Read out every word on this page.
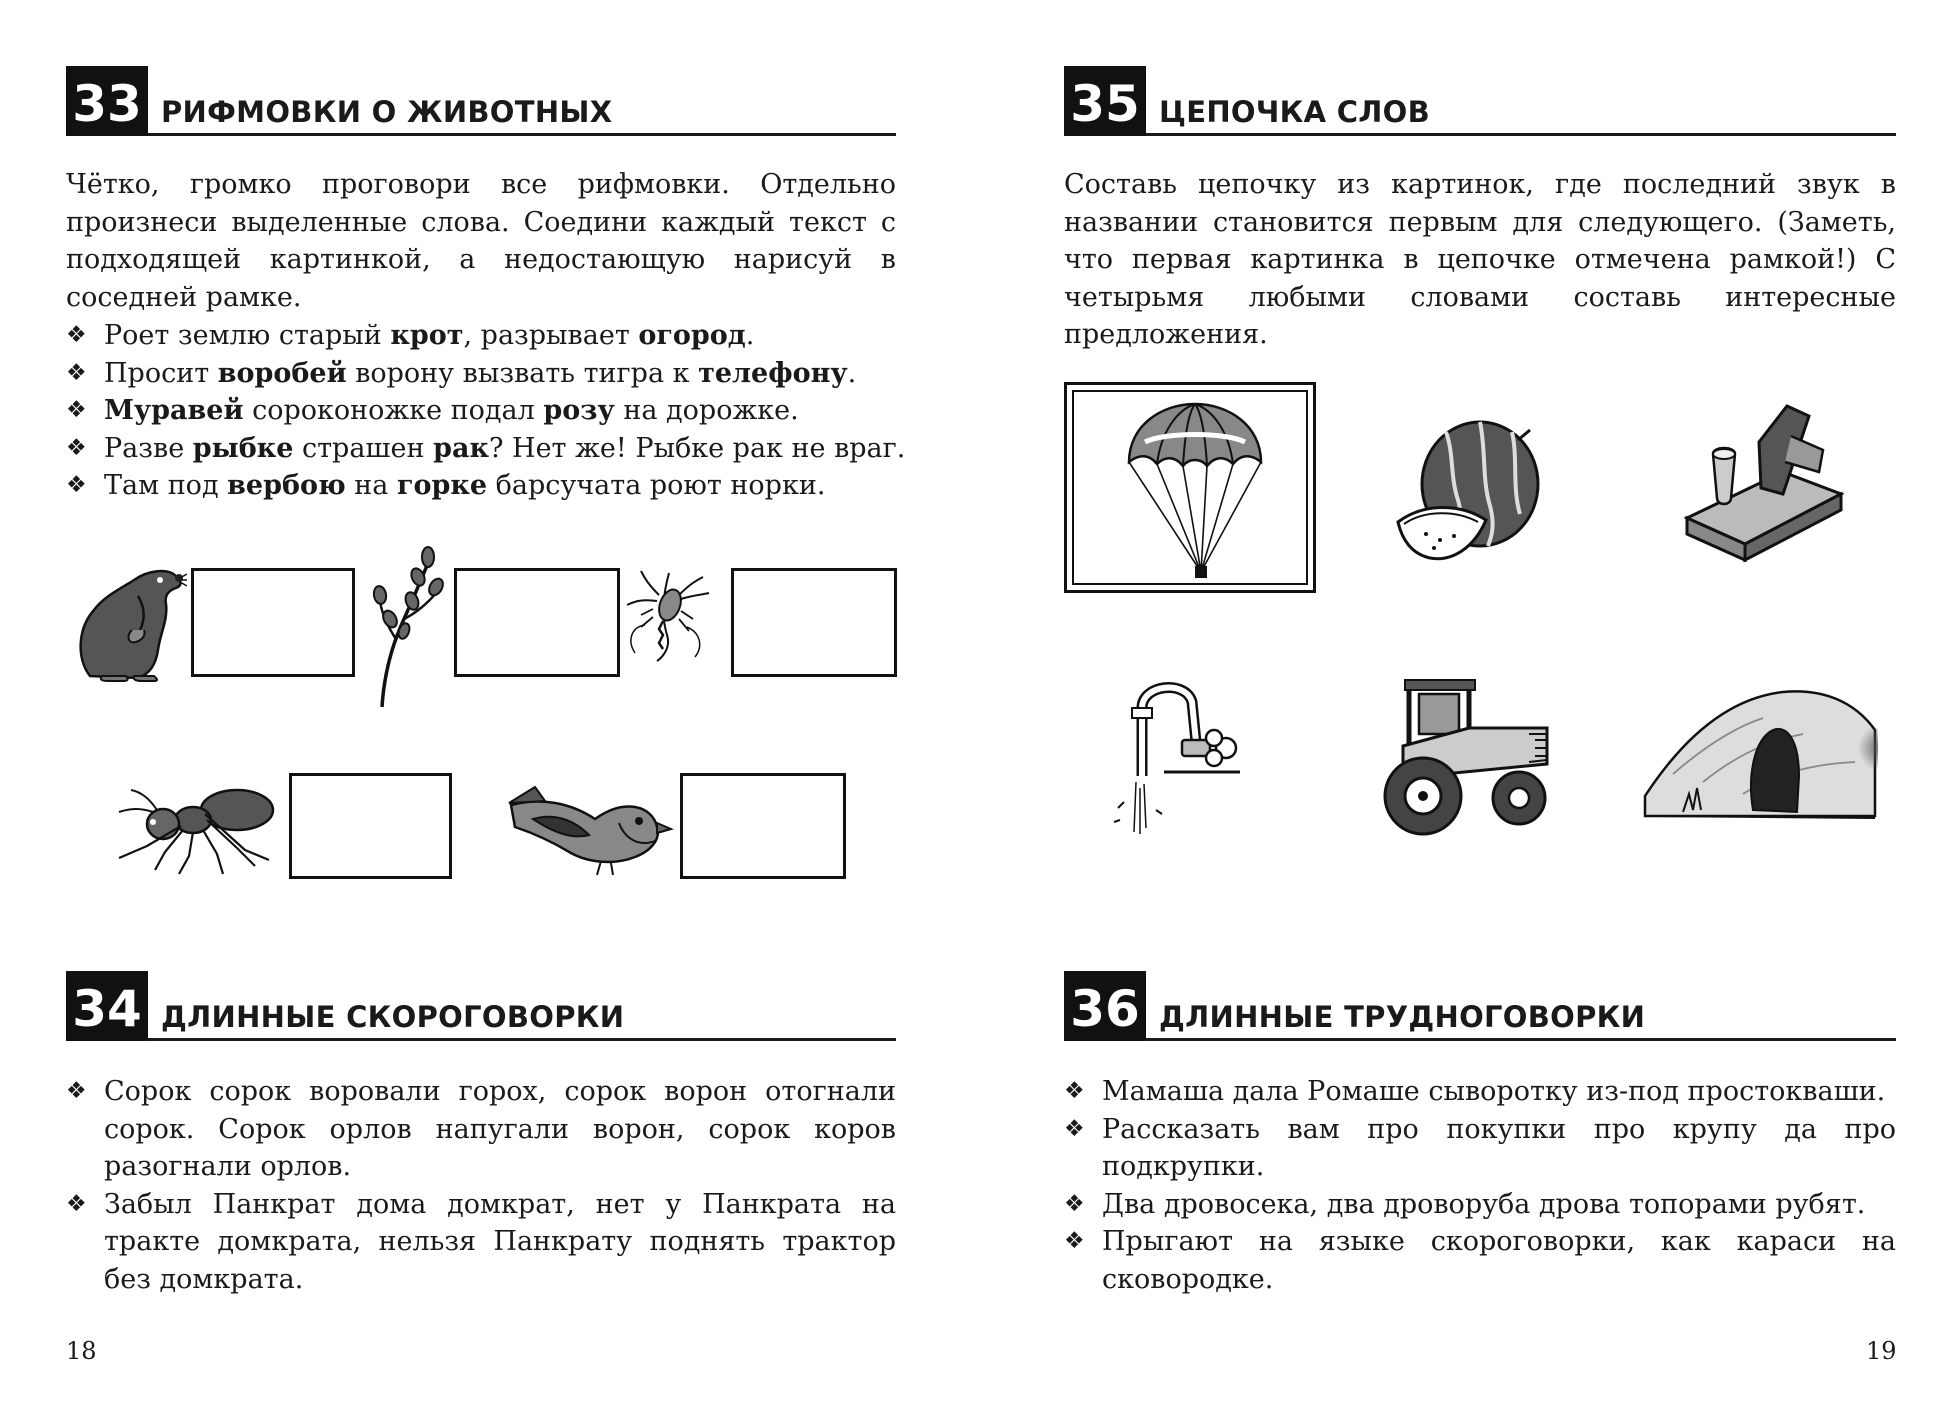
33 РИФМОВКИ О ЖИВОТНЫХ
Чётко, громко проговори все рифмовки. Отдельно произнеси выделенные слова. Соедини каждый текст с подходящей картинкой, а недостающую нарисуй в соседней рамке.
❖ Роет землю старый крот, разрывает огород.
❖ Просит воробей ворону вызвать тигра к телефону.
❖ Муравей сороконожке подал розу на дорожке.
❖ Разве рыбке страшен рак? Нет же! Рыбке рак не враг.
❖ Там под вербою на горке барсучата роют норки.
34 ДЛИННЫЕ СКОРОГОВОРКИ
❖ Сорок сорок воровали горох, сорок ворон отогнали сорок. Сорок орлов напугали ворон, сорок коров разогнали орлов.
❖ Забыл Панкрат дома домкрат, нет у Панкрата на тракте домкрата, нельзя Панкрату поднять трактор без домкрата.
18
35 ЦЕПОЧКА СЛОВ
Составь цепочку из картинок, где последний звук в названии становится первым для следующего. (Заметь, что первая картинка в цепочке отмечена рамкой!) С четырьмя любыми словами составь интересные предложения.
36 ДЛИННЫЕ ТРУДНОГОВОРКИ
❖ Мамаша дала Ромаше сыворотку из-под простокваши.
❖ Рассказать вам про покупки про крупу да про подкрупки.
❖ Два дровосека, два дроворуба дрова топорами рубят.
❖ Прыгают на языке скороговорки, как караси на сковородке.
19
